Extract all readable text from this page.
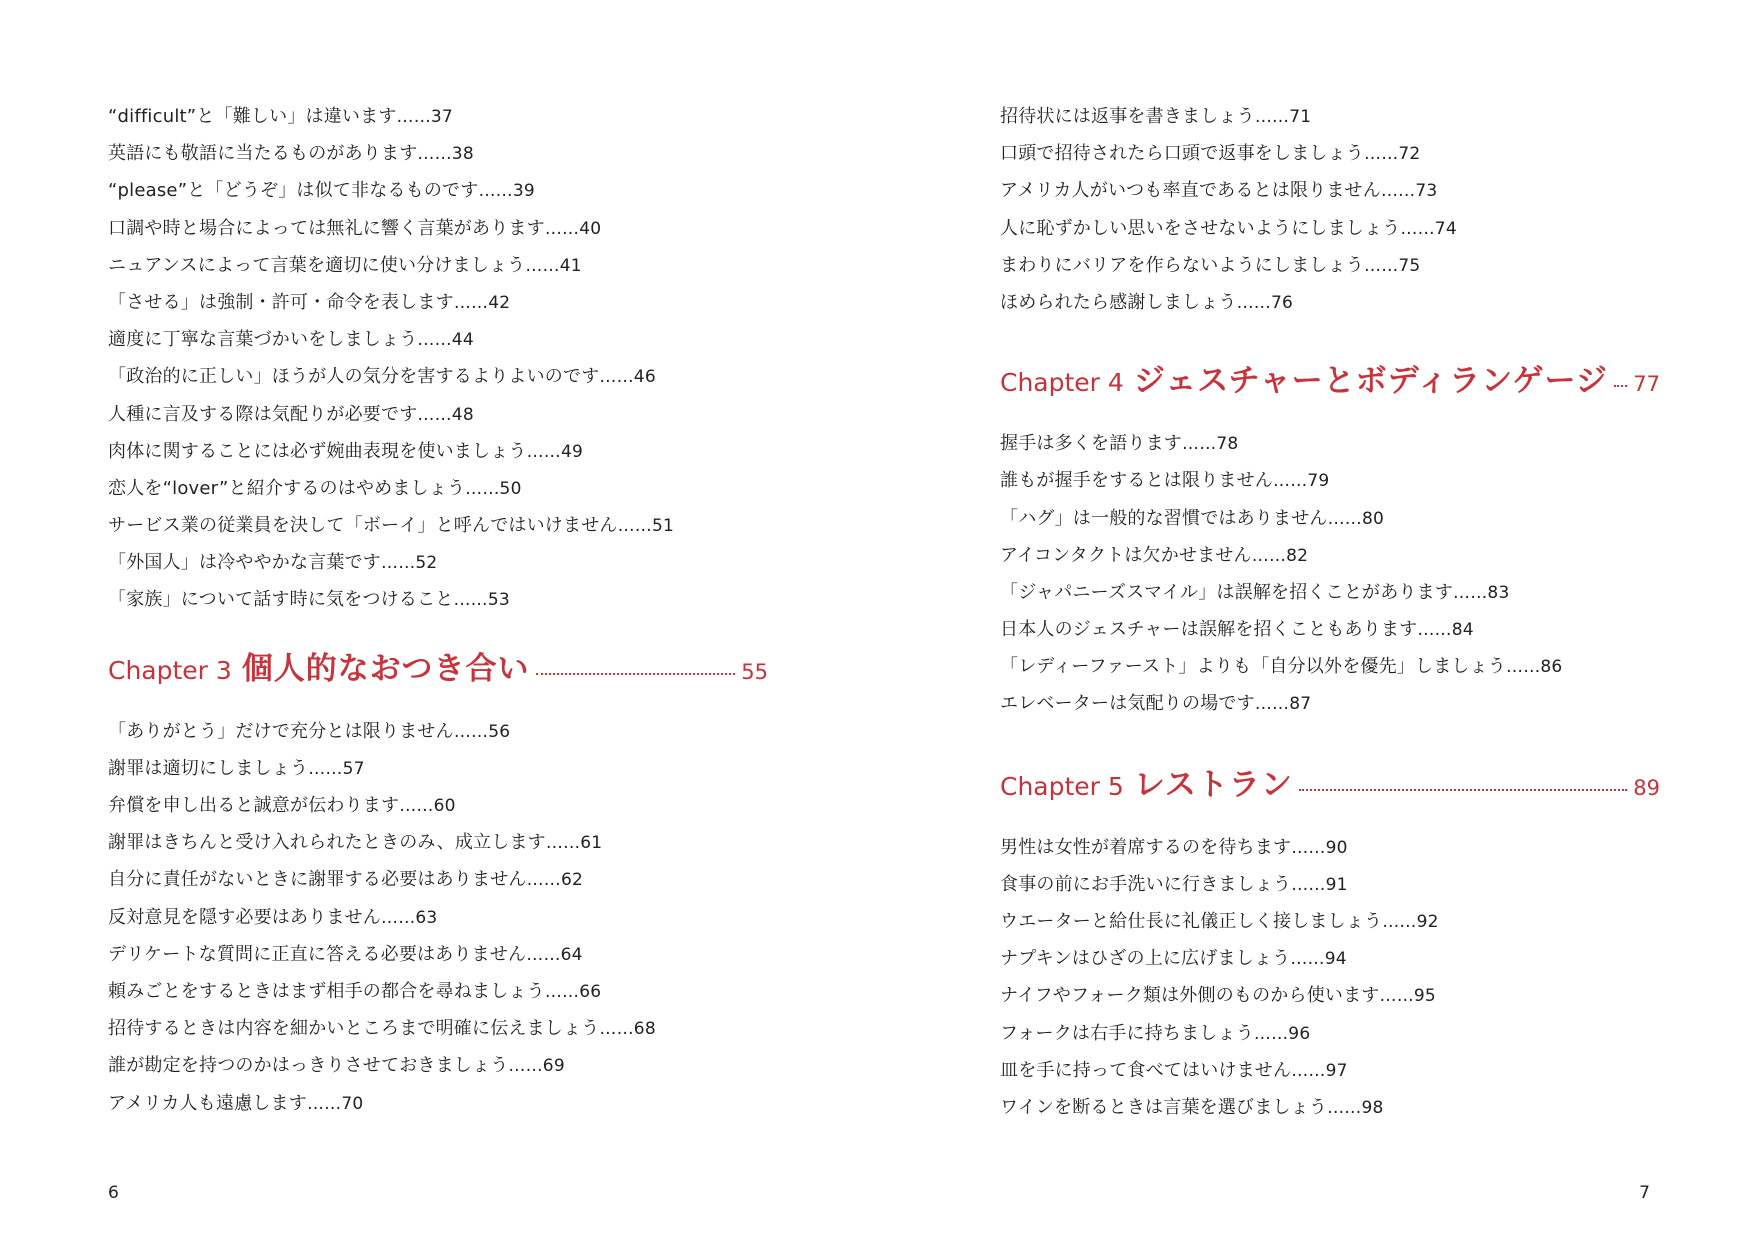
“difficult”と「難しい」は違います……37
英語にも敬語に当たるものがあります……38
“please”と「どうぞ」は似て非なるものです……39
口調や時と場合によっては無礼に響く言葉があります……40
ニュアンスによって言葉を適切に使い分けましょう……41
「させる」は強制・許可・命令を表します……42
適度に丁寧な言葉づかいをしましょう……44
「政治的に正しい」ほうが人の気分を害するよりよいのです……46
人種に言及する際は気配りが必要です……48
肉体に関することには必ず婉曲表現を使いましょう……49
恋人を“lover”と紹介するのはやめましょう……50
サービス業の従業員を決して「ボーイ」と呼んではいけません……51
「外国人」は冷ややかな言葉です……52
「家族」について話す時に気をつけること……53
Chapter 3 個人的なおつき合い	55
「ありがとう」だけで充分とは限りません……56
謝罪は適切にしましょう……57
弁償を申し出ると誠意が伝わります……60
謝罪はきちんと受け入れられたときのみ、成立します……61
自分に責任がないときに謝罪する必要はありません……62
反対意見を隠す必要はありません……63
デリケートな質問に正直に答える必要はありません……64
頼みごとをするときはまず相手の都合を尋ねましょう……66
招待するときは内容を細かいところまで明確に伝えましょう……68
誰が勘定を持つのかはっきりさせておきましょう……69
アメリカ人も遠慮します……70
6
招待状には返事を書きましょう……71
口頭で招待されたら口頭で返事をしましょう……72
アメリカ人がいつも率直であるとは限りません……73
人に恥ずかしい思いをさせないようにしましょう……74
まわりにバリアを作らないようにしましょう……75
ほめられたら感謝しましょう……76
Chapter 4 ジェスチャーとボディランゲージ 77
握手は多くを語ります……78
誰もが握手をするとは限りません……79
「ハグ」は一般的な習慣ではありません……80
アイコンタクトは欠かせません……82
「ジャパニーズスマイル」は誤解を招くことがあります……83
日本人のジェスチャーは誤解を招くこともあります……84
「レディーファースト」よりも「自分以外を優先」しましょう……86
エレベーターは気配りの場です……87
Chapter 5 レストラン	89
男性は女性が着席するのを待ちます……90
食事の前にお手洗いに行きましょう……91
ウエーターと給仕長に礼儀正しく接しましょう……92
ナプキンはひざの上に広げましょう……94
ナイフやフォーク類は外側のものから使います……95
フォークは右手に持ちましょう……96
皿を手に持って食べてはいけません……97
ワインを断るときは言葉を選びましょう……98
7
